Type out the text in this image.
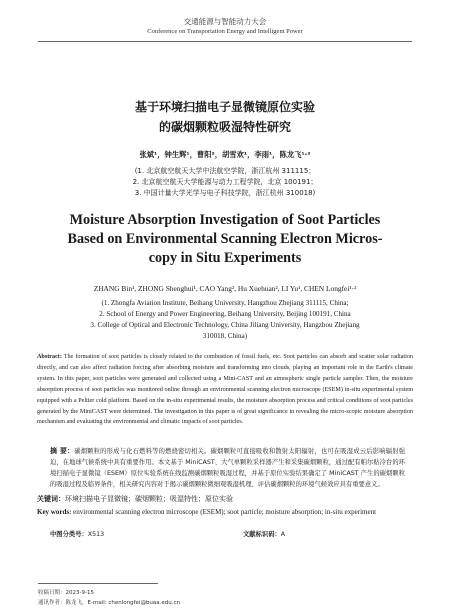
交通能源与智能动力大会
Conference on Transportation Energy and Intelligent Power
基于环境扫描电子显微镜原位实验
的碳烟颗粒吸湿特性研究
张斌¹，钟生辉¹，曹阳²，胡雪欢¹，李雨¹，陈龙飞¹·²
(1. 北京航空航天大学中法航空学院，浙江杭州 311115；
2. 北京航空航天大学能源与动力工程学院，北京 100191；
3. 中国计量大学光学与电子科技学院，浙江杭州 310018)
Moisture Absorption Investigation of Soot Particles
Based on Environmental Scanning Electron Micros-
copy in Situ Experiments
ZHANG Bin¹, ZHONG Shenghui¹, CAO Yang², Hu Xuehuan², LI Yu¹, CHEN Longfei¹·²
(1. Zhongfa Aviation Institute, Beihang University, Hangzhou Zhejiang 311115, China;
2. School of Energy and Power Engineering, Beihang University, Beijing 100191, China
3. College of Optical and Electronic Technology, China Jiliang University, Hangzhou Zhejiang
310018, China)
Abstract: The formation of soot particles is closely related to the combustion of fossil fuels, etc. Soot particles can absorb and scatter solar radiation directly, and can also affect radiation forcing after absorbing moisture and transforming into clouds, playing an important role in the Earth's climate system. In this paper, soot particles were generated and collected using a Mini-CAST and an atmospheric single particle sampler. Then, the moisture absorption process of soot particles was monitored online through an environmental scanning electron microscope (ESEM) in-situ experimental system equipped with a Peltier cold platform. Based on the in-situ experimental results, the moisture absorption process and critical conditions of soot particles generated by the MiniCAST were determined. The investigation in this paper is of great significance in revealing the micro-scopic moisture absorption mechanism and evaluating the environmental and climatic impacts of soot particles.
摘 要：碳烟颗粒的形成与化石燃料等的燃烧密切相关。碳烟颗粒可直接吸收和散射太阳辐射，也可在吸湿成云后影响辐射强迫，在地球气候系统中具有重要作用。本文基于 MiniCAST、大气单颗粒采样器产生和采集碳烟颗粒，通过配有帕尔贴冷台的环境扫描电子显微镜（ESEM）原位实验系统在线监测碳烟颗粒吸湿过程，并基于原位实验结果确定了 MiniCAST 产生的碳烟颗粒的吸湿过程及临界条件，相关研究内容对于揭示碳烟颗粒微细观吸湿机理、评估碳烟颗粒的环境气候效应具有重要意义。
关键词：环境扫描电子显微镜；碳烟颗粒；吸湿特性；原位实验
Key words: environmental scanning electron microscope (ESEM); soot particle; moisture absorption; in-situ experiment
中图分类号：X513	文献标识码：A
收稿日期：2023-9-15
通讯作者：陈龙飞，E-mail: chenlongfei@buaa.edu.cn
